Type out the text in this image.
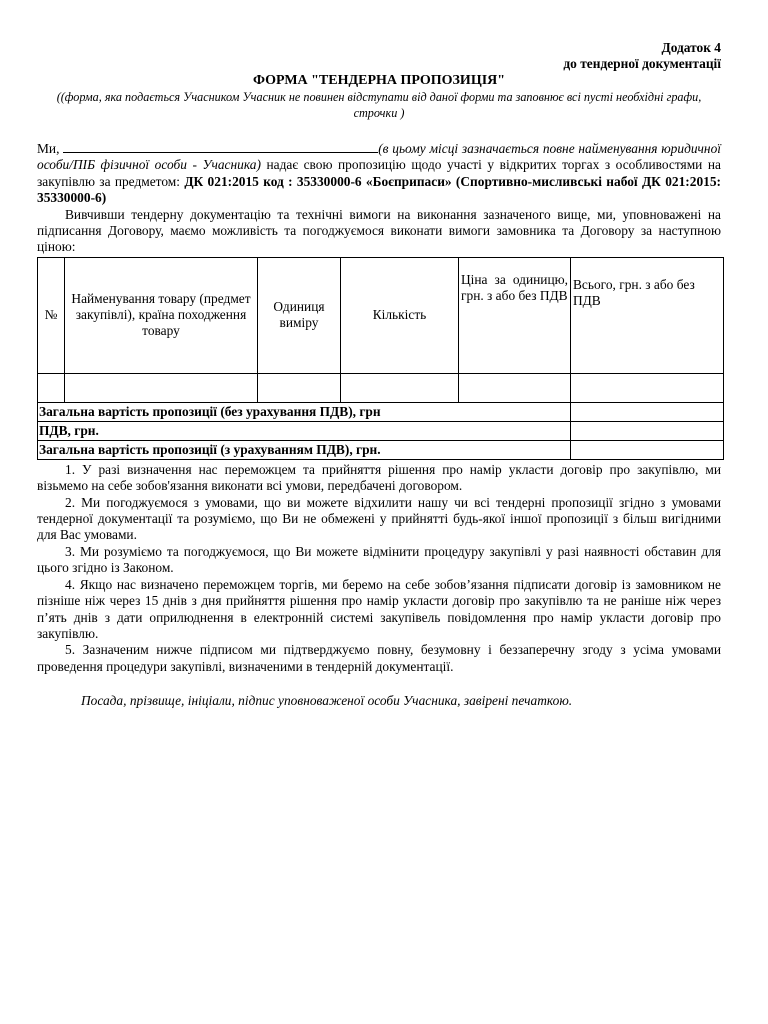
Додаток 4
до тендерної документації
ФОРМА "ТЕНДЕРНА ПРОПОЗИЦІЯ"
((форма, яка подається Учасником Учасник не повинен відступати від даної форми та заповнює всі пусті необхідні графи, строчки )

Ми,	(в цьому місці зазначається повне найменування юридичної особи/ПІБ фізичної особи - Учасника) надає свою пропозицію щодо участі у відкритих торгах з особливостями на закупівлю за предметом: ДК 021:2015 код : 35330000-6 «Боєприпаси» (Спортивно-мисливські набої ДК 021:2015: 35330000-6)

Вивчивши тендерну документацію та технічні вимоги на виконання зазначеного вище, ми, уповноважені на підписання Договору, маємо можливість та погоджуємося виконати вимоги замовника та Договору за наступною ціною:

№	Найменування товару (предмет закупівлі), країна походження товару	Одиниця виміру	Кількість	Ціна за одиницю, грн. з або без ПДВ	Всього, грн. з або без ПДВ

Загальна вартість пропозиції (без урахування ПДВ), грн					
ПДВ, грн.					
Загальна вартість пропозиції (з урахуванням ПДВ), грн.					

1. У разі визначення нас переможцем та прийняття рішення про намір укласти договір про закупівлю, ми візьмемо на себе зобов'язання виконати всі умови, передбачені договором.

2. Ми погоджуємося з умовами, що ви можете відхилити нашу чи всі тендерні пропозиції згідно з умовами тендерної документації та розуміємо, що Ви не обмежені у прийнятті будь-якої іншої пропозиції з більш вигідними для Вас умовами.

3. Ми розуміємо та погоджуємося, що Ви можете відмінити процедуру закупівлі у разі наявності обставин для цього згідно із Законом.

4. Якщо нас визначено переможцем торгів, ми беремо на себе зобов’язання підписати договір із замовником не пізніше ніж через 15 днів з дня прийняття рішення про намір укласти договір про закупівлю та не раніше ніж через п’ять днів з дати оприлюднення в електронній системі закупівель повідомлення про намір укласти договір про закупівлю.

5. Зазначеним нижче підписом ми підтверджуємо повну, безумовну і беззаперечну згоду з усіма умовами проведення процедури закупівлі, визначеними в тендерній документації.

Посада, прізвище, ініціали, підпис уповноваженої особи Учасника, завірені печаткою.
